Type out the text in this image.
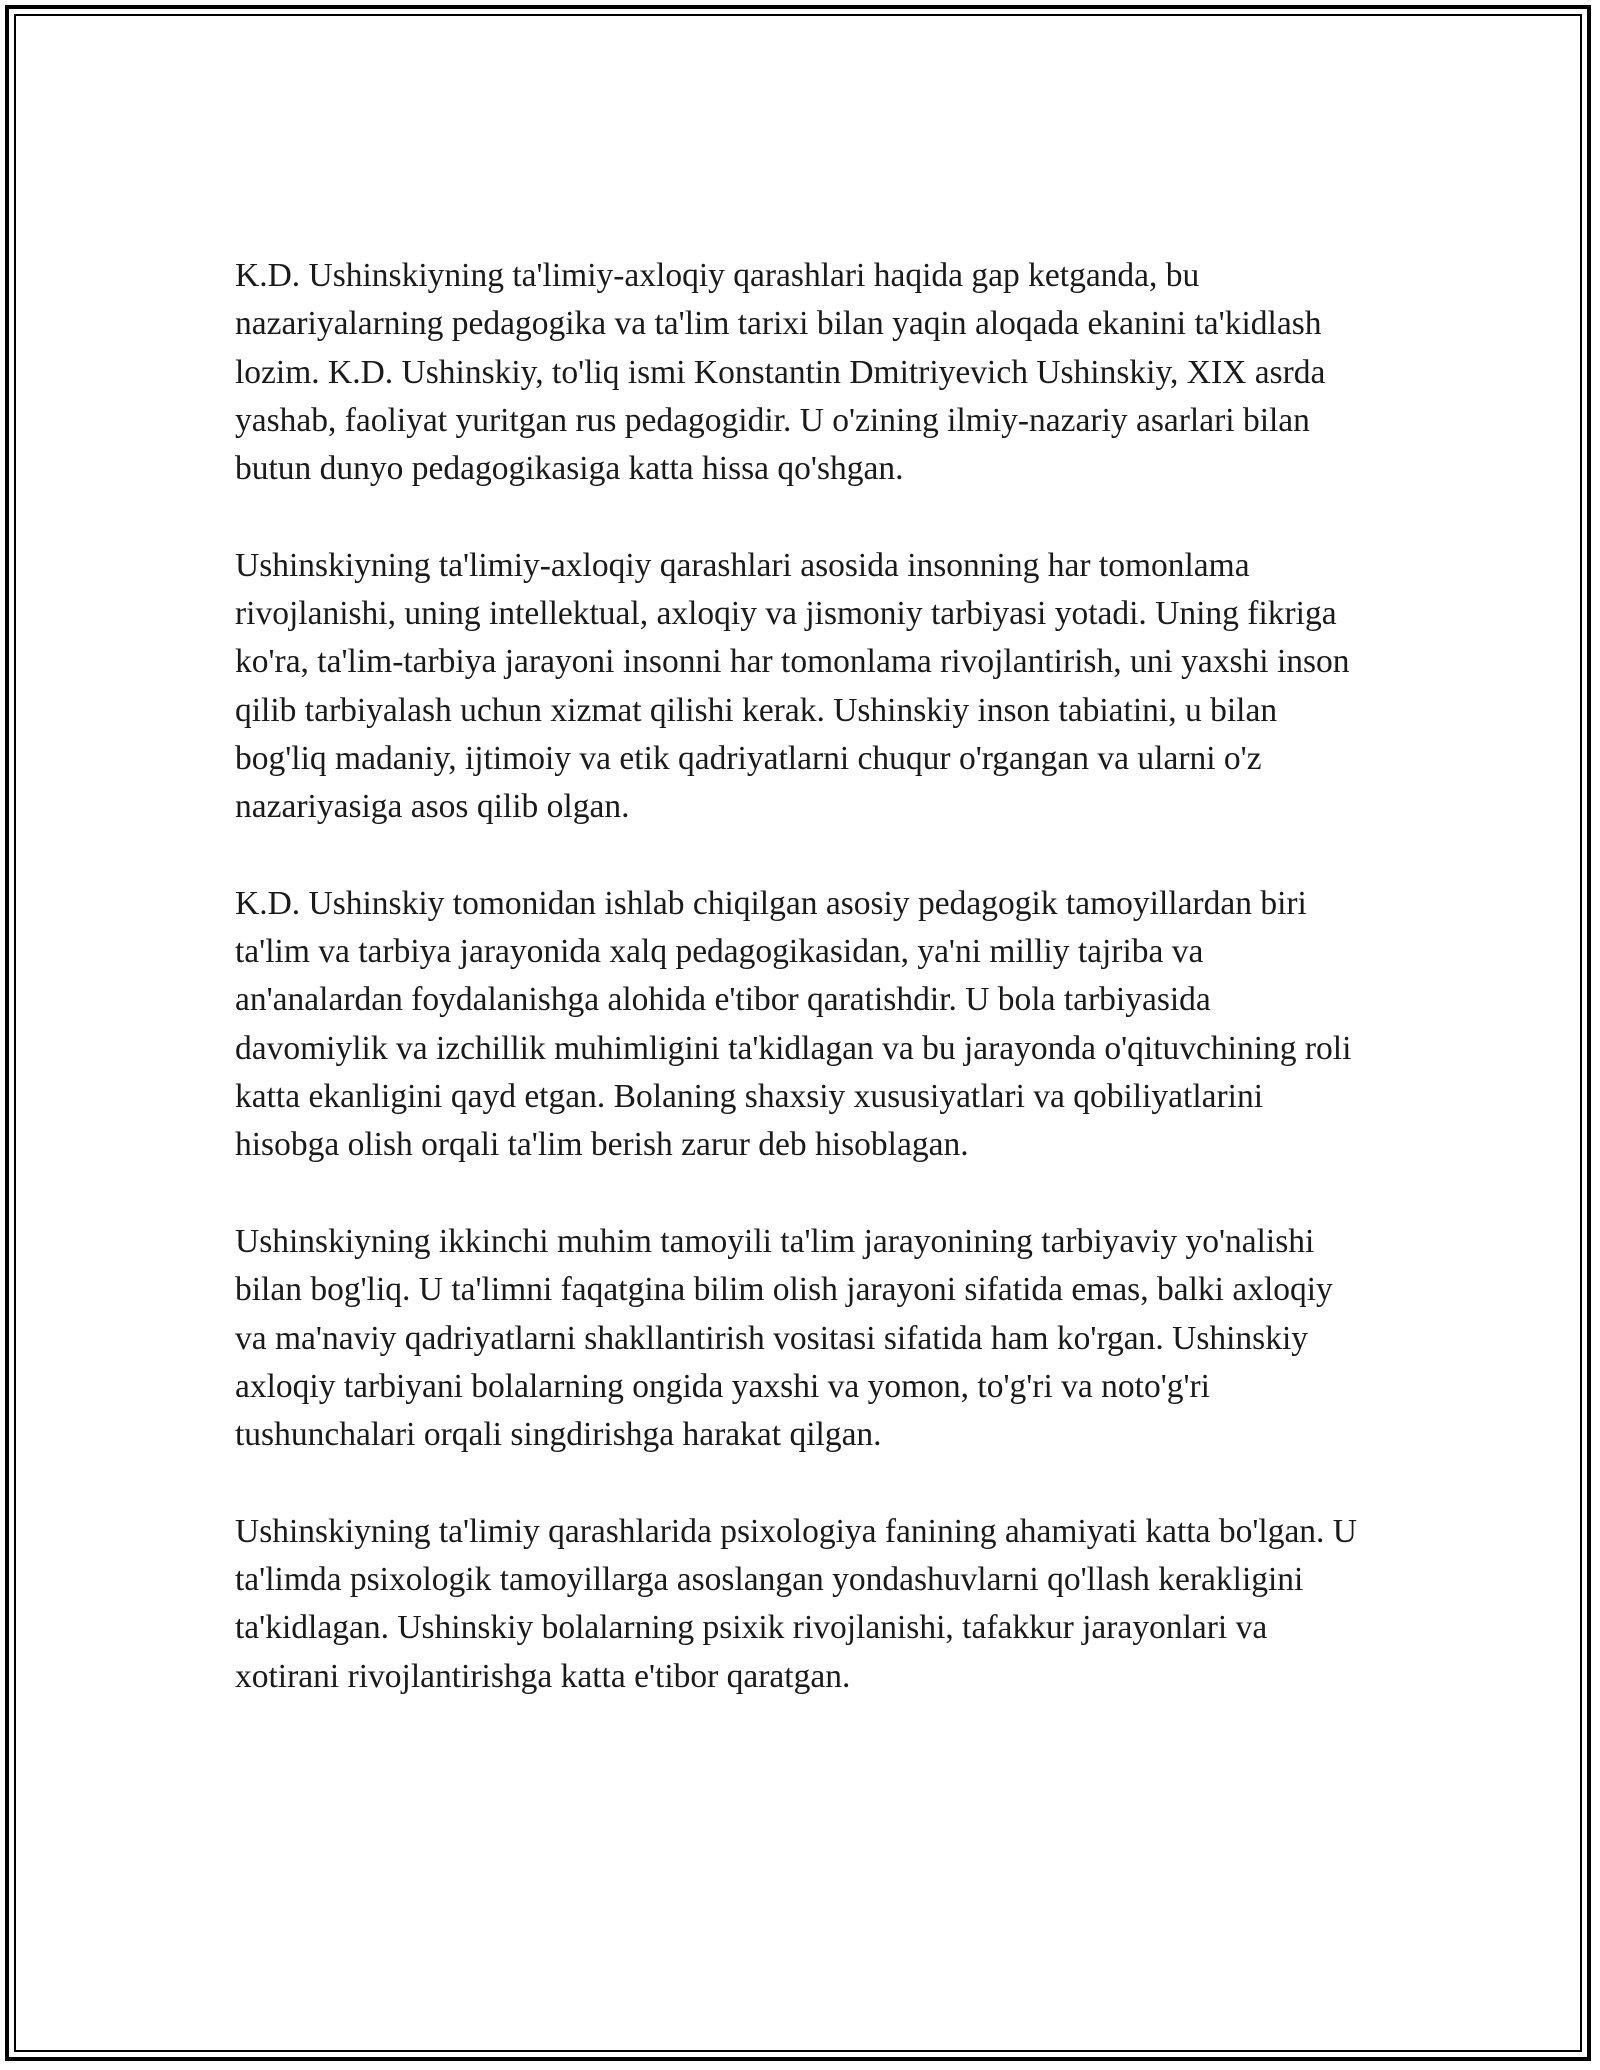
K.D. Ushinskiyning ta'limiy-axloqiy qarashlari haqida gap ketganda, bu nazariyalarning pedagogika va ta'lim tarixi bilan yaqin aloqada ekanini ta'kidlash lozim. K.D. Ushinskiy, to'liq ismi Konstantin Dmitriyevich Ushinskiy, XIX asrda yashab, faoliyat yuritgan rus pedagogidir. U o'zining ilmiy-nazariy asarlari bilan butun dunyo pedagogikasiga katta hissa qo'shgan.

Ushinskiyning ta'limiy-axloqiy qarashlari asosida insonning har tomonlama rivojlanishi, uning intellektual, axloqiy va jismoniy tarbiyasi yotadi. Uning fikriga ko'ra, ta'lim-tarbiya jarayoni insonni har tomonlama rivojlantirish, uni yaxshi inson qilib tarbiyalash uchun xizmat qilishi kerak. Ushinskiy inson tabiatini, u bilan bog'liq madaniy, ijtimoiy va etik qadriyatlarni chuqur o'rgangan va ularni o'z nazariyasiga asos qilib olgan.

K.D. Ushinskiy tomonidan ishlab chiqilgan asosiy pedagogik tamoyillardan biri ta'lim va tarbiya jarayonida xalq pedagogikasidan, ya'ni milliy tajriba va an'analardan foydalanishga alohida e'tibor qaratishdir. U bola tarbiyasida davomiylik va izchillik muhimligini ta'kidlagan va bu jarayonda o'qituvchining roli katta ekanligini qayd etgan. Bolaning shaxsiy xususiyatlari va qobiliyatlarini hisobga olish orqali ta'lim berish zarur deb hisoblagan.

Ushinskiyning ikkinchi muhim tamoyili ta'lim jarayonining tarbiyaviy yo'nalishi bilan bog'liq. U ta'limni faqatgina bilim olish jarayoni sifatida emas, balki axloqiy va ma'naviy qadriyatlarni shakllantirish vositasi sifatida ham ko'rgan. Ushinskiy axloqiy tarbiyani bolalarning ongida yaxshi va yomon, to'g'ri va noto'g'ri tushunchalari orqali singdirishga harakat qilgan.

Ushinskiyning ta'limiy qarashlarida psixologiya fanining ahamiyati katta bo'lgan. U ta'limda psixologik tamoyillarga asoslangan yondashuvlarni qo'llash kerakligini ta'kidlagan. Ushinskiy bolalarning psixik rivojlanishi, tafakkur jarayonlari va xotirani rivojlantirishga katta e'tibor qaratgan.
